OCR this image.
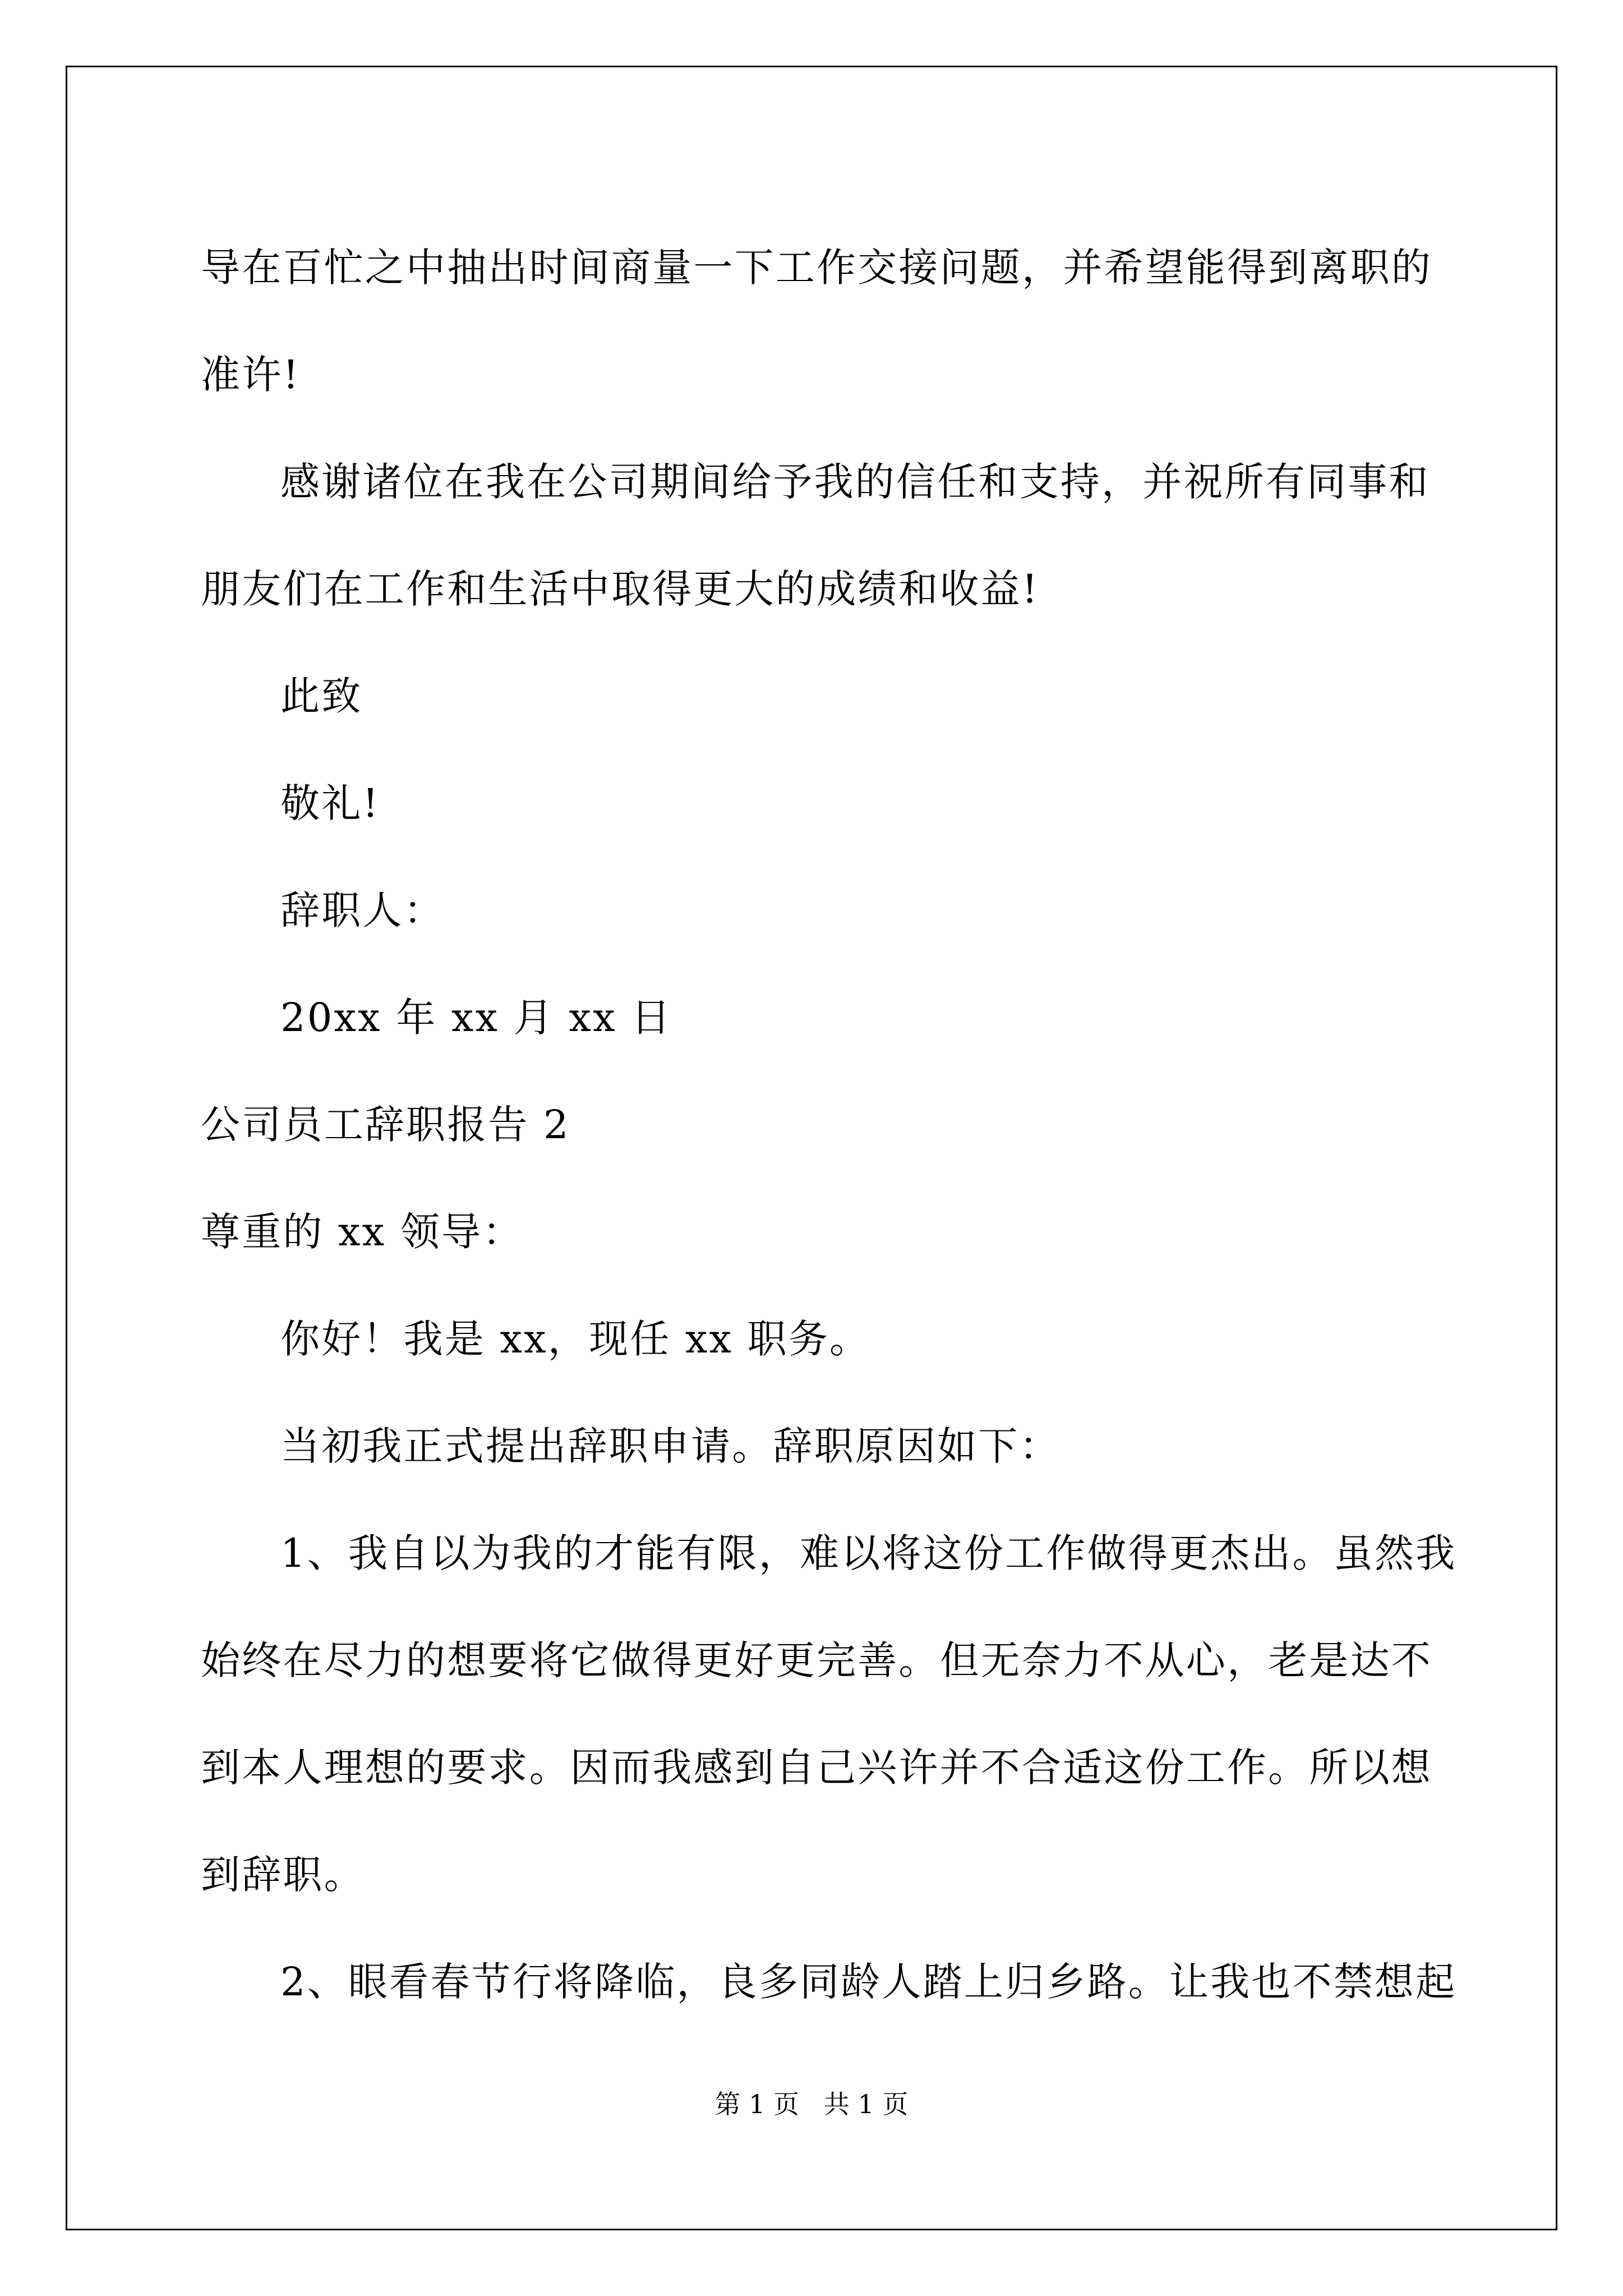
导在百忙之中抽出时间商量一下工作交接问题，并希望能得到离职的
准许!
感谢诸位在我在公司期间给予我的信任和支持，并祝所有同事和
朋友们在工作和生活中取得更大的成绩和收益!
此致
敬礼!
辞职人：
20xx 年 xx 月 xx 日
公司员工辞职报告 2
尊重的 xx 领导：
你好！我是 xx，现任 xx 职务。
当初我正式提出辞职申请。辞职原因如下：
1、我自以为我的才能有限，难以将这份工作做得更杰出。虽然我
始终在尽力的想要将它做得更好更完善。但无奈力不从心，老是达不
到本人理想的要求。因而我感到自己兴许并不合适这份工作。所以想
到辞职。
2、眼看春节行将降临，良多同龄人踏上归乡路。让我也不禁想起
第 1 页   共 1 页
